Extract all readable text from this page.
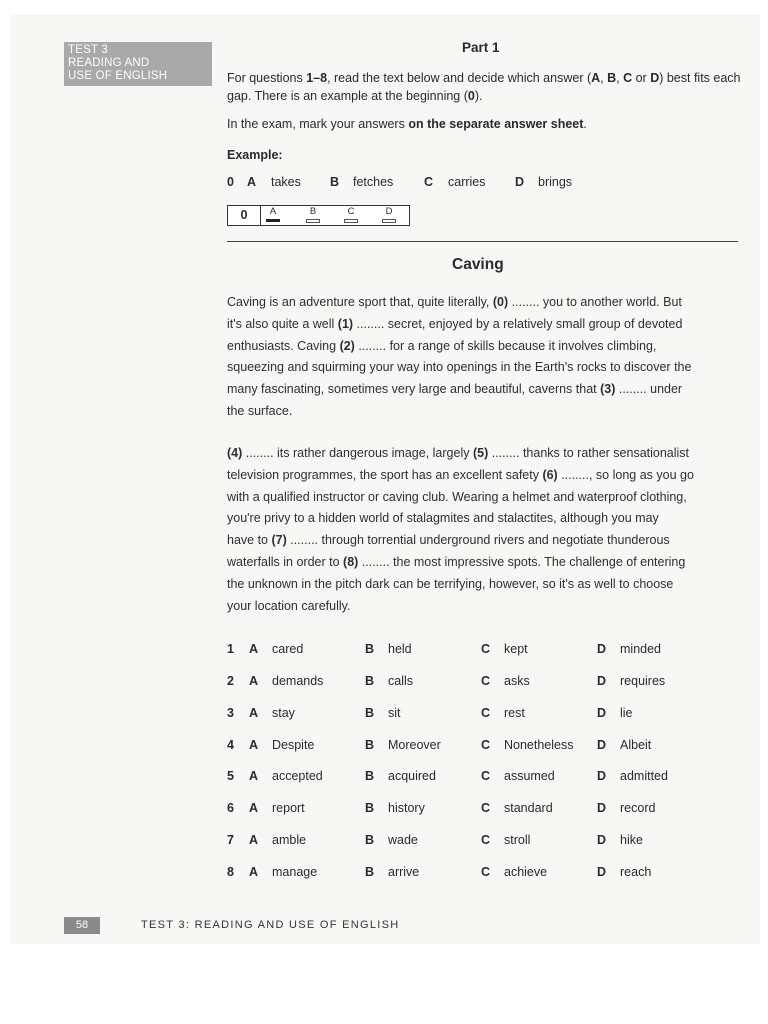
TEST 3
READING AND
USE OF ENGLISH
Part 1
For questions 1–8, read the text below and decide which answer (A, B, C or D) best fits each gap. There is an example at the beginning (0).
In the exam, mark your answers on the separate answer sheet.
Example:
0 A takes B fetches C carries D brings
0	A	B	C	D
Caving
Caving is an adventure sport that, quite literally, (0) ........ you to another world. But
it's also quite a well (1) ........ secret, enjoyed by a relatively small group of devoted
enthusiasts. Caving (2) ........ for a range of skills because it involves climbing,
squeezing and squirming your way into openings in the Earth's rocks to discover the
many fascinating, sometimes very large and beautiful, caverns that (3) ........ under
the surface.
(4) ........ its rather dangerous image, largely (5) ........ thanks to rather sensationalist
television programmes, the sport has an excellent safety (6) ........, so long as you go
with a qualified instructor or caving club. Wearing a helmet and waterproof clothing,
you're privy to a hidden world of stalagmites and stalactites, although you may
have to (7) ........ through torrential underground rivers and negotiate thunderous
waterfalls in order to (8) ........ the most impressive spots. The challenge of entering
the unknown in the pitch dark can be terrifying, however, so it's as well to choose
your location carefully.
1 A cared	B held	C kept	D minded
2 A demands	B calls	C asks	D requires
3 A stay	B sit	C rest	D lie
4 A Despite	B Moreover	C Nonetheless D Albeit
5 A accepted	B acquired	C assumed	D admitted
6 A report	B history	C standard	D record
7 A amble	B wade	C stroll	D hike
8 A manage	B arrive	C achieve	D reach
58	TEST 3: READING AND USE OF ENGLISH
